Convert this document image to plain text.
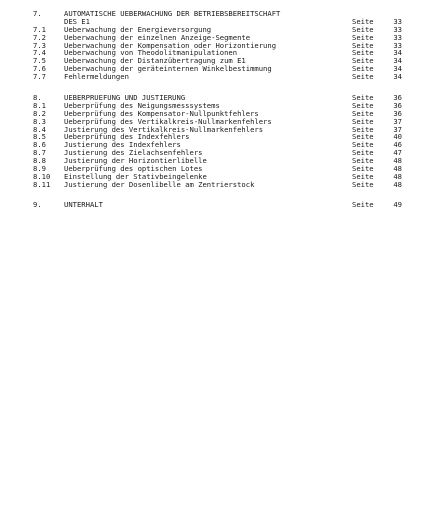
7.	AUTOMATISCHE UEBERWACHUNG DER BETRIEBSBEREITSCHAFT
DES E1	Seite	33
7.1	Ueberwachung der Energieversorgung	Seite	33
7.2	Ueberwachung der einzelnen Anzeige-Segmente	Seite	33
7.3	Ueberwachung der Kompensation oder Horizontierung	Seite	33
7.4	Ueberwachung von Theodolitmanipulationen	Seite	34
7.5	Ueberwachung der Distanzübertragung zum E1	Seite	34
7.6	Ueberwachung der geräteinternen Winkelbestimmung	Seite	34
7.7	Fehlermeldungen	Seite	34
8.	UEBERPRUEFUNG UND JUSTIERUNG	Seite	36
8.1	Ueberprüfung des Neigungsmesssystems	Seite	36
8.2	Ueberprüfung des Kompensator-Nullpunktfehlers	Seite	36
8.3	Ueberprüfung des Vertikalkreis-Nullmarkenfehlers	Seite	37
8.4	Justierung des Vertikalkreis-Nullmarkenfehlers	Seite	37
8.5	Ueberprüfung des Indexfehlers	Seite	40
8.6	Justierung des Indexfehlers	Seite	46
8.7	Justierung des Zielachsenfehlers	Seite	47
8.8	Justierung der Horizontierlibelle	Seite	48
8.9	Ueberprüfung des optischen Lotes	Seite	48
8.10 Einstellung der Stativbeingelenke	Seite	48
8.11 Justierung der Dosenlibelle am Zentrierstock	Seite	48
9.	UNTERHALT	Seite	49
